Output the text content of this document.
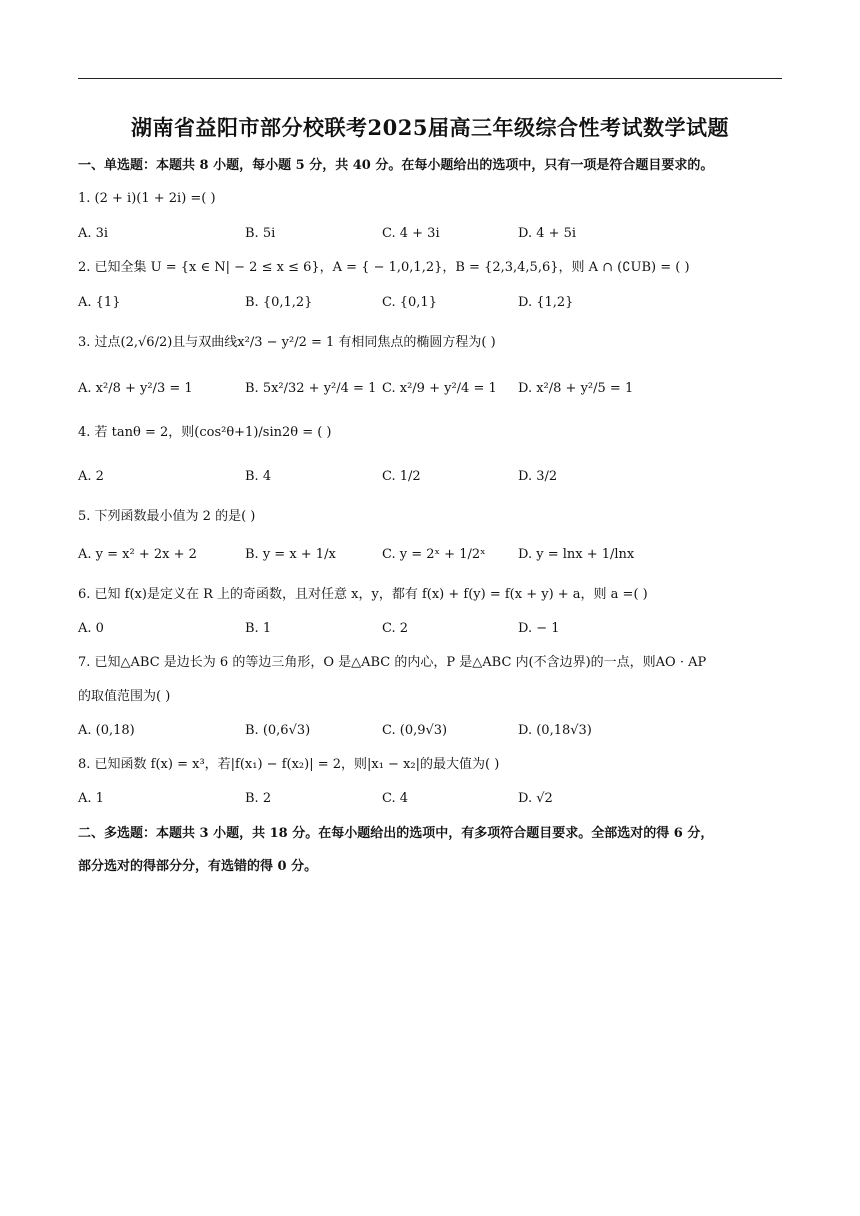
湖南省益阳市部分校联考2025届高三年级综合性考试数学试题
一、单选题：本题共 8 小题，每小题 5 分，共 40 分。在每小题给出的选项中，只有一项是符合题目要求的。
1. (2 + i)(1 + 2i) =( )
A. 3i	B. 5i	C. 4 + 3i	D. 4 + 5i
2. 已知全集 U = {x ∈ N| − 2 ≤ x ≤ 6}，A = { − 1,0,1,2}，B = {2,3,4,5,6}，则 A ∩ (∁UB) = ( )
A. {1}	B. {0,1,2}	C. {0,1}	D. {1,2}
3. 过点(2,√6/2)且与双曲线x²/3 − y²/2 = 1 有相同焦点的椭圆方程为( )
A. x²/8 + y²/3 = 1	B. 5x²/32 + y²/4 = 1 C. x²/9 + y²/4 = 1 D. x²/8 + y²/5 = 1
4. 若 tanθ = 2，则(cos²θ+1)/sin2θ = ( )
A. 2	B. 4	C. 1/2	D. 3/2
5. 下列函数最小值为 2 的是( )
A. y = x² + 2x + 2	B. y = x + 1/x	C. y = 2ˣ + 1/2ˣ D. y = lnx + 1/lnx
6. 已知 f(x)是定义在 R 上的奇函数，且对任意 x，y，都有 f(x) + f(y) = f(x + y) + a，则 a =( )
A. 0	B. 1	C. 2	D. − 1
7. 已知△ABC 是边长为 6 的等边三角形，O 是△ABC 的内心，P 是△ABC 内(不含边界)的一点，则AO · AP
的取值范围为( )
A. (0,18)	B. (0,6√3)	C. (0,9√3)	D. (0,18√3)
8. 已知函数 f(x) = x³，若|f(x₁) − f(x₂)| = 2，则|x₁ − x₂|的最大值为( )
A. 1	B. 2	C. 4	D. √2
二、多选题：本题共 3 小题，共 18 分。在每小题给出的选项中，有多项符合题目要求。全部选对的得 6 分，
部分选对的得部分分，有选错的得 0 分。
